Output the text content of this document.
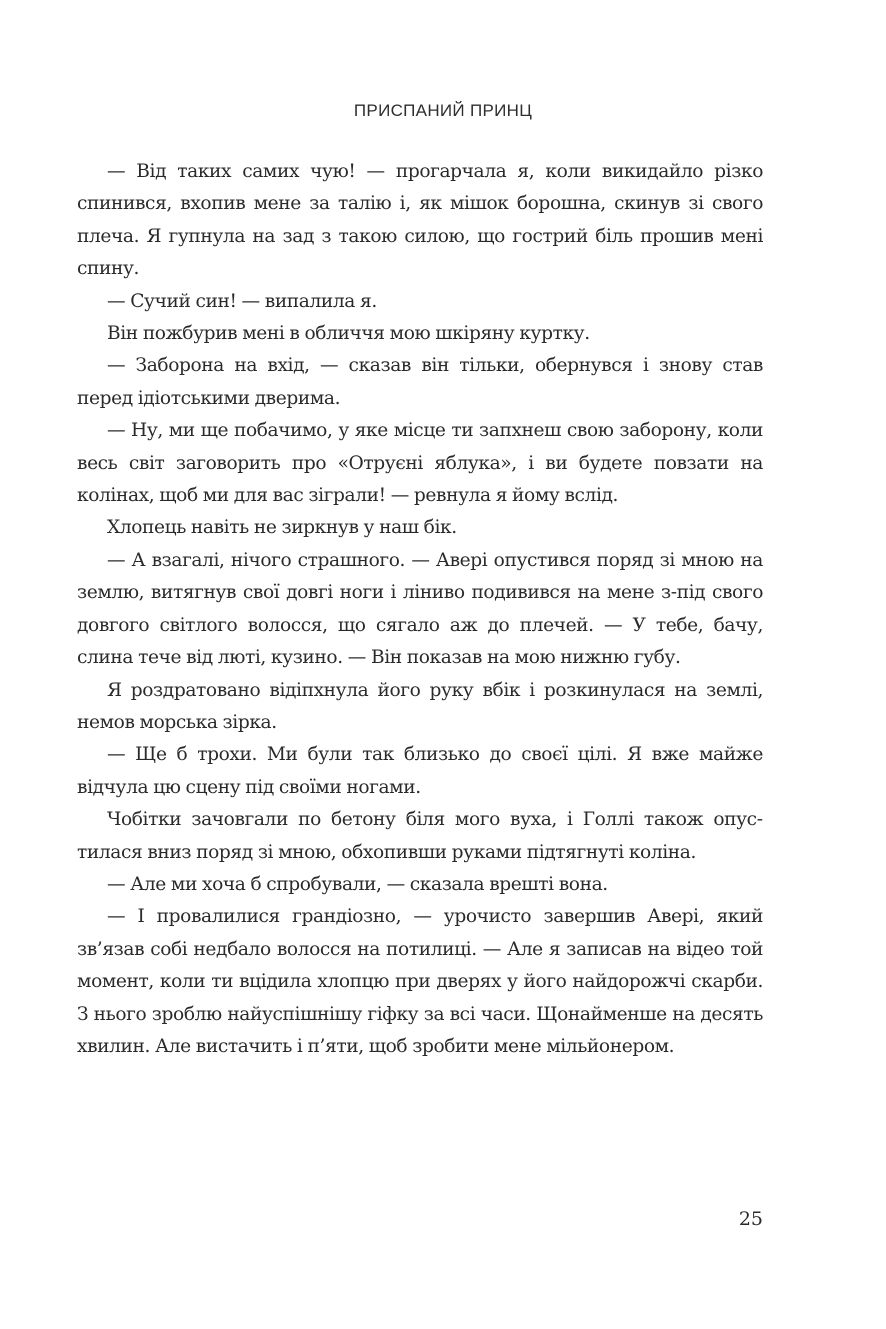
ПРИСПАНИЙ ПРИНЦ

— Від таких самих чую! — прогарчала я, коли викидайло різко спинився, вхопив мене за талію і, як мішок борошна, скинув зі свого плеча. Я гупнула на зад з такою силою, що гострий біль прошив мені спину.

— Сучий син! — випалила я.

Він пожбурив мені в обличчя мою шкіряну куртку.

— Заборона на вхід, — сказав він тільки, обернувся і знову став перед ідіотськими дверима.

— Ну, ми ще побачимо, у яке місце ти запхнеш свою заборону, коли весь світ заговорить про «Отруєні яблука», і ви будете повзати на колінах, щоб ми для вас зіграли! — ревнула я йому вслід.

Хлопець навіть не зиркнув у наш бік.

— А взагалі, нічого страшного. — Авері опустився поряд зі мною на землю, витягнув свої довгі ноги і ліниво подивився на мене з-під свого довгого світлого волосся, що сягало аж до плечей. — У тебе, бачу, слина тече від люті, кузино. — Він показав на мою нижню губу.

Я роздратовано відіпхнула його руку вбік і розкинулася на землі, немов морська зірка.

— Ще б трохи. Ми були так близько до своєї цілі. Я вже майже відчула цю сцену під своїми ногами.

Чобітки зачовгали по бетону біля мого вуха, і Голлі також опустилася вниз поряд зі мною, обхопивши руками підтягнуті коліна.

— Але ми хоча б спробували, — сказала врешті вона.

— І провалилися грандіозно, — урочисто завершив Авері, який зв’язав собі недбало волосся на потилиці. — Але я записав на відео той момент, коли ти вцідила хлопцю при дверях у його найдорожчі скарби. З нього зроблю найуспішнішу гіфку за всі часи. Щонайменше на десять хвилин. Але вистачить і п’яти, щоб зробити мене мільйонером.

25
